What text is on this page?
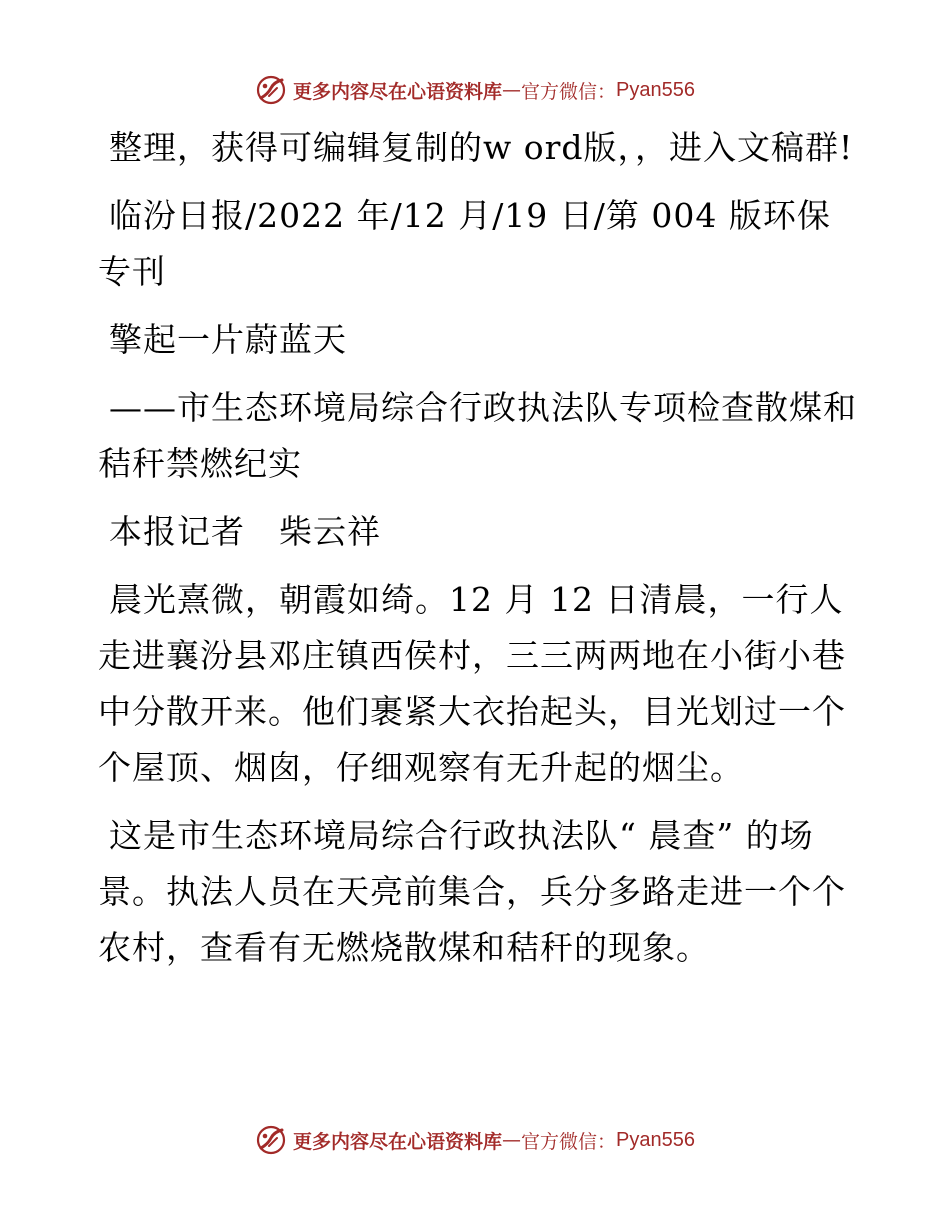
更多内容尽在心语资料库 — 官方微信： Pyan556

整理，获得可编辑复制的w ord版，，进入文稿群!

临汾日报/2022 年/12 月/19 日/第 004 版环保专刊

擎起一片蔚蓝天

——市生态环境局综合行政执法队专项检查散煤和秸秆禁燃纪实

本报记者　柴云祥

晨光熹微，朝霞如绮。12 月 12 日清晨，一行人走进襄汾县邓庄镇西侯村，三三两两地在小街小巷中分散开来。他们裹紧大衣抬起头，目光划过一个个屋顶、烟囱，仔细观察有无升起的烟尘。

这是市生态环境局综合行政执法队“ 晨查” 的场景。执法人员在天亮前集合，兵分多路走进一个个农村，查看有无燃烧散煤和秸秆的现象。

更多内容尽在心语资料库 — 官方微信： Pyan556
